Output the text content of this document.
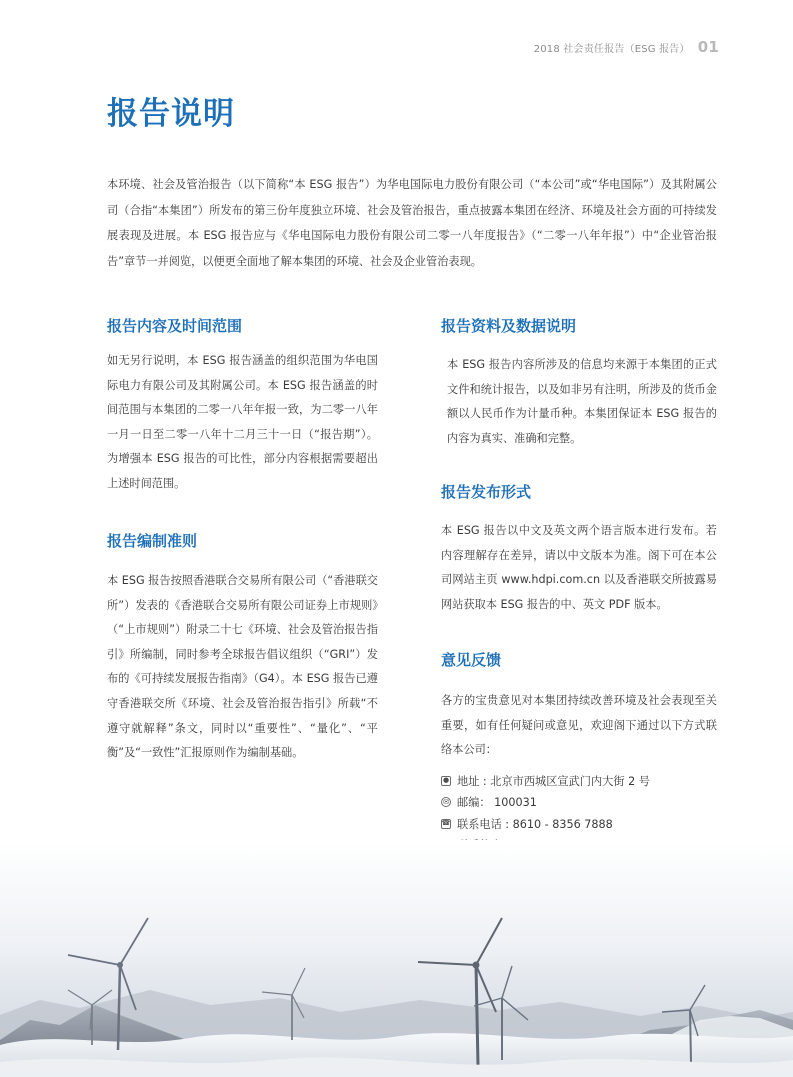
2018 社会责任报告（ESG 报告） 01
报告说明

本环境、社会及管治报告（以下简称“本 ESG 报告”）为华电国际电力股份有限公司（“本公司”或“华电国际”）及其附属公司（合指“本集团”）所发布的第三份年度独立环境、社会及管治报告，重点披露本集团在经济、环境及社会方面的可持续发展表现及进展。本 ESG 报告应与《华电国际电力股份有限公司二零一八年度报告》（“二零一八年年报”）中“企业管治报告”章节一并阅览，以便更全面地了解本集团的环境、社会及企业管治表现。

报告内容及时间范围

如无另行说明，本 ESG 报告涵盖的组织范围为华电国际电力有限公司及其附属公司。本 ESG 报告涵盖的时间范围与本集团的二零一八年年报一致，为二零一八年一月一日至二零一八年十二月三十一日（“报告期”）。为增强本 ESG 报告的可比性，部分内容根据需要超出上述时间范围。

报告编制准则

本 ESG 报告按照香港联合交易所有限公司（“香港联交所”）发表的《香港联合交易所有限公司证券上市规则》（“上市规则”）附录二十七《环境、社会及管治报告指引》所编制，同时参考全球报告倡议组织（“GRI”）发布的《可持续发展报告指南》（G4）。本 ESG 报告已遵守香港联交所《环境、社会及管治报告指引》所载“不遵守就解释”条文，同时以“重要性”、“量化”、“平衡”及“一致性”汇报原则作为编制基础。

报告资料及数据说明

本 ESG 报告内容所涉及的信息均来源于本集团的正式文件和统计报告，以及如非另有注明，所涉及的货币金额以人民币作为计量币种。本集团保证本 ESG 报告的内容为真实、准确和完整。

报告发布形式

本 ESG 报告以中文及英文两个语言版本进行发布。若内容理解存在差异，请以中文版本为准。阁下可在本公司网站主页 www.hdpi.com.cn 以及香港联交所披露易网站获取本 ESG 报告的中、英文 PDF 版本。

意见反馈

各方的宝贵意见对本集团持续改善环境及社会表现至关重要，如有任何疑问或意见，欢迎阁下通过以下方式联络本公司：

● 地址 : 北京市西城区宣武门内大街 2 号
✉ 邮编： 100031
☎ 联系电话 : 8610 - 8356 7888
